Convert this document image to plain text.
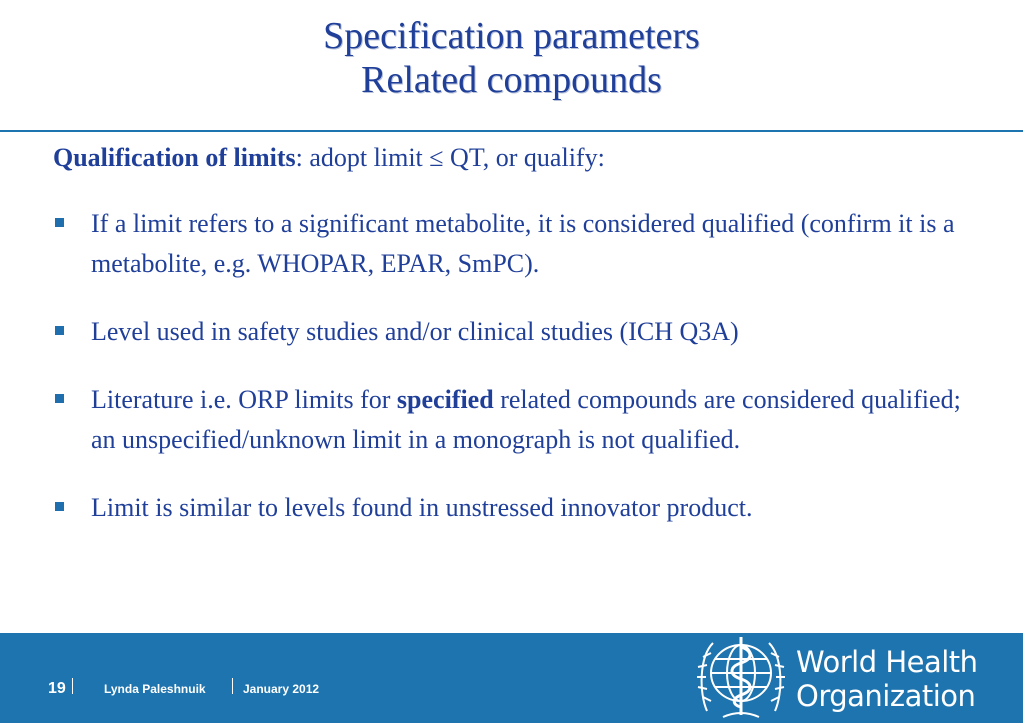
Specification parameters
Related compounds

Qualification of limits: adopt limit ≤ QT, or qualify:

If a limit refers to a significant metabolite, it is considered qualified (confirm it is a metabolite, e.g. WHOPAR, EPAR, SmPC).
Level used in safety studies and/or clinical studies (ICH Q3A)
Literature i.e. ORP limits for specified related compounds are considered qualified; an unspecified/unknown limit in a monograph is not qualified.
Limit is similar to levels found in unstressed innovator product.
19	Lynda Paleshnuik	January 2012
World Health
Organization
